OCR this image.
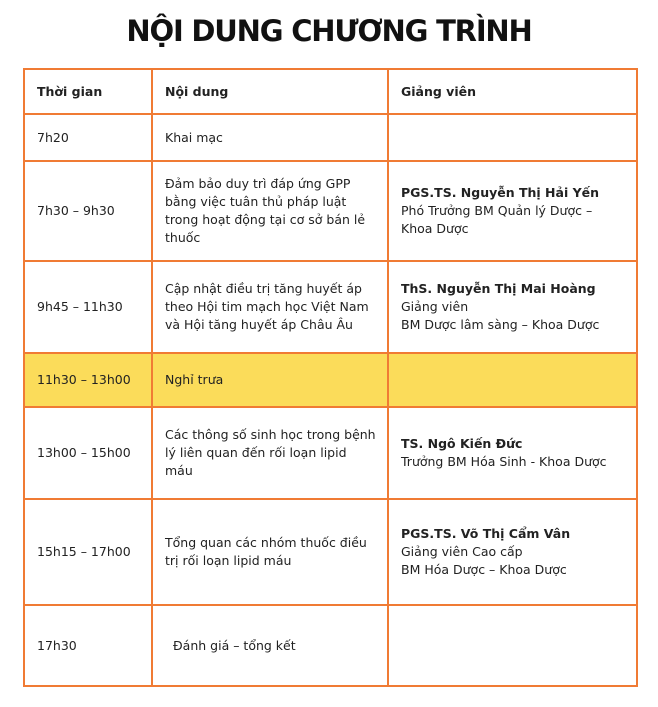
NỘI DUNG CHƯƠNG TRÌNH
Thời gian	Nội dung	Giảng viên
7h20	Khai mạc	
7h30 – 9h30	Đảm bảo duy trì đáp ứng GPP bằng việc tuân thủ pháp luật trong hoạt động tại cơ sở bán lẻ thuốc	PGS.TS. Nguyễn Thị Hải Yến
Phó Trưởng BM Quản lý Dược –
Khoa Dược

9h45 – 11h30	Cập nhật điều trị tăng huyết áp theo Hội tim mạch học Việt Nam và Hội tăng huyết áp Châu Âu	ThS. Nguyễn Thị Mai Hoàng
Giảng viên
BM Dược lâm sàng – Khoa Dược

11h30 – 13h00	Nghỉ trưa	
13h00 – 15h00	Các thông số sinh học trong bệnh lý liên quan đến rối loạn lipid máu	TS. Ngô Kiến Đức
Trưởng BM Hóa Sinh - Khoa Dược

15h15 – 17h00	Tổng quan các nhóm thuốc điều trị rối loạn lipid máu	PGS.TS. Võ Thị Cẩm Vân
Giảng viên Cao cấp
BM Hóa Dược – Khoa Dược

17h30	Đánh giá – tổng kết	
